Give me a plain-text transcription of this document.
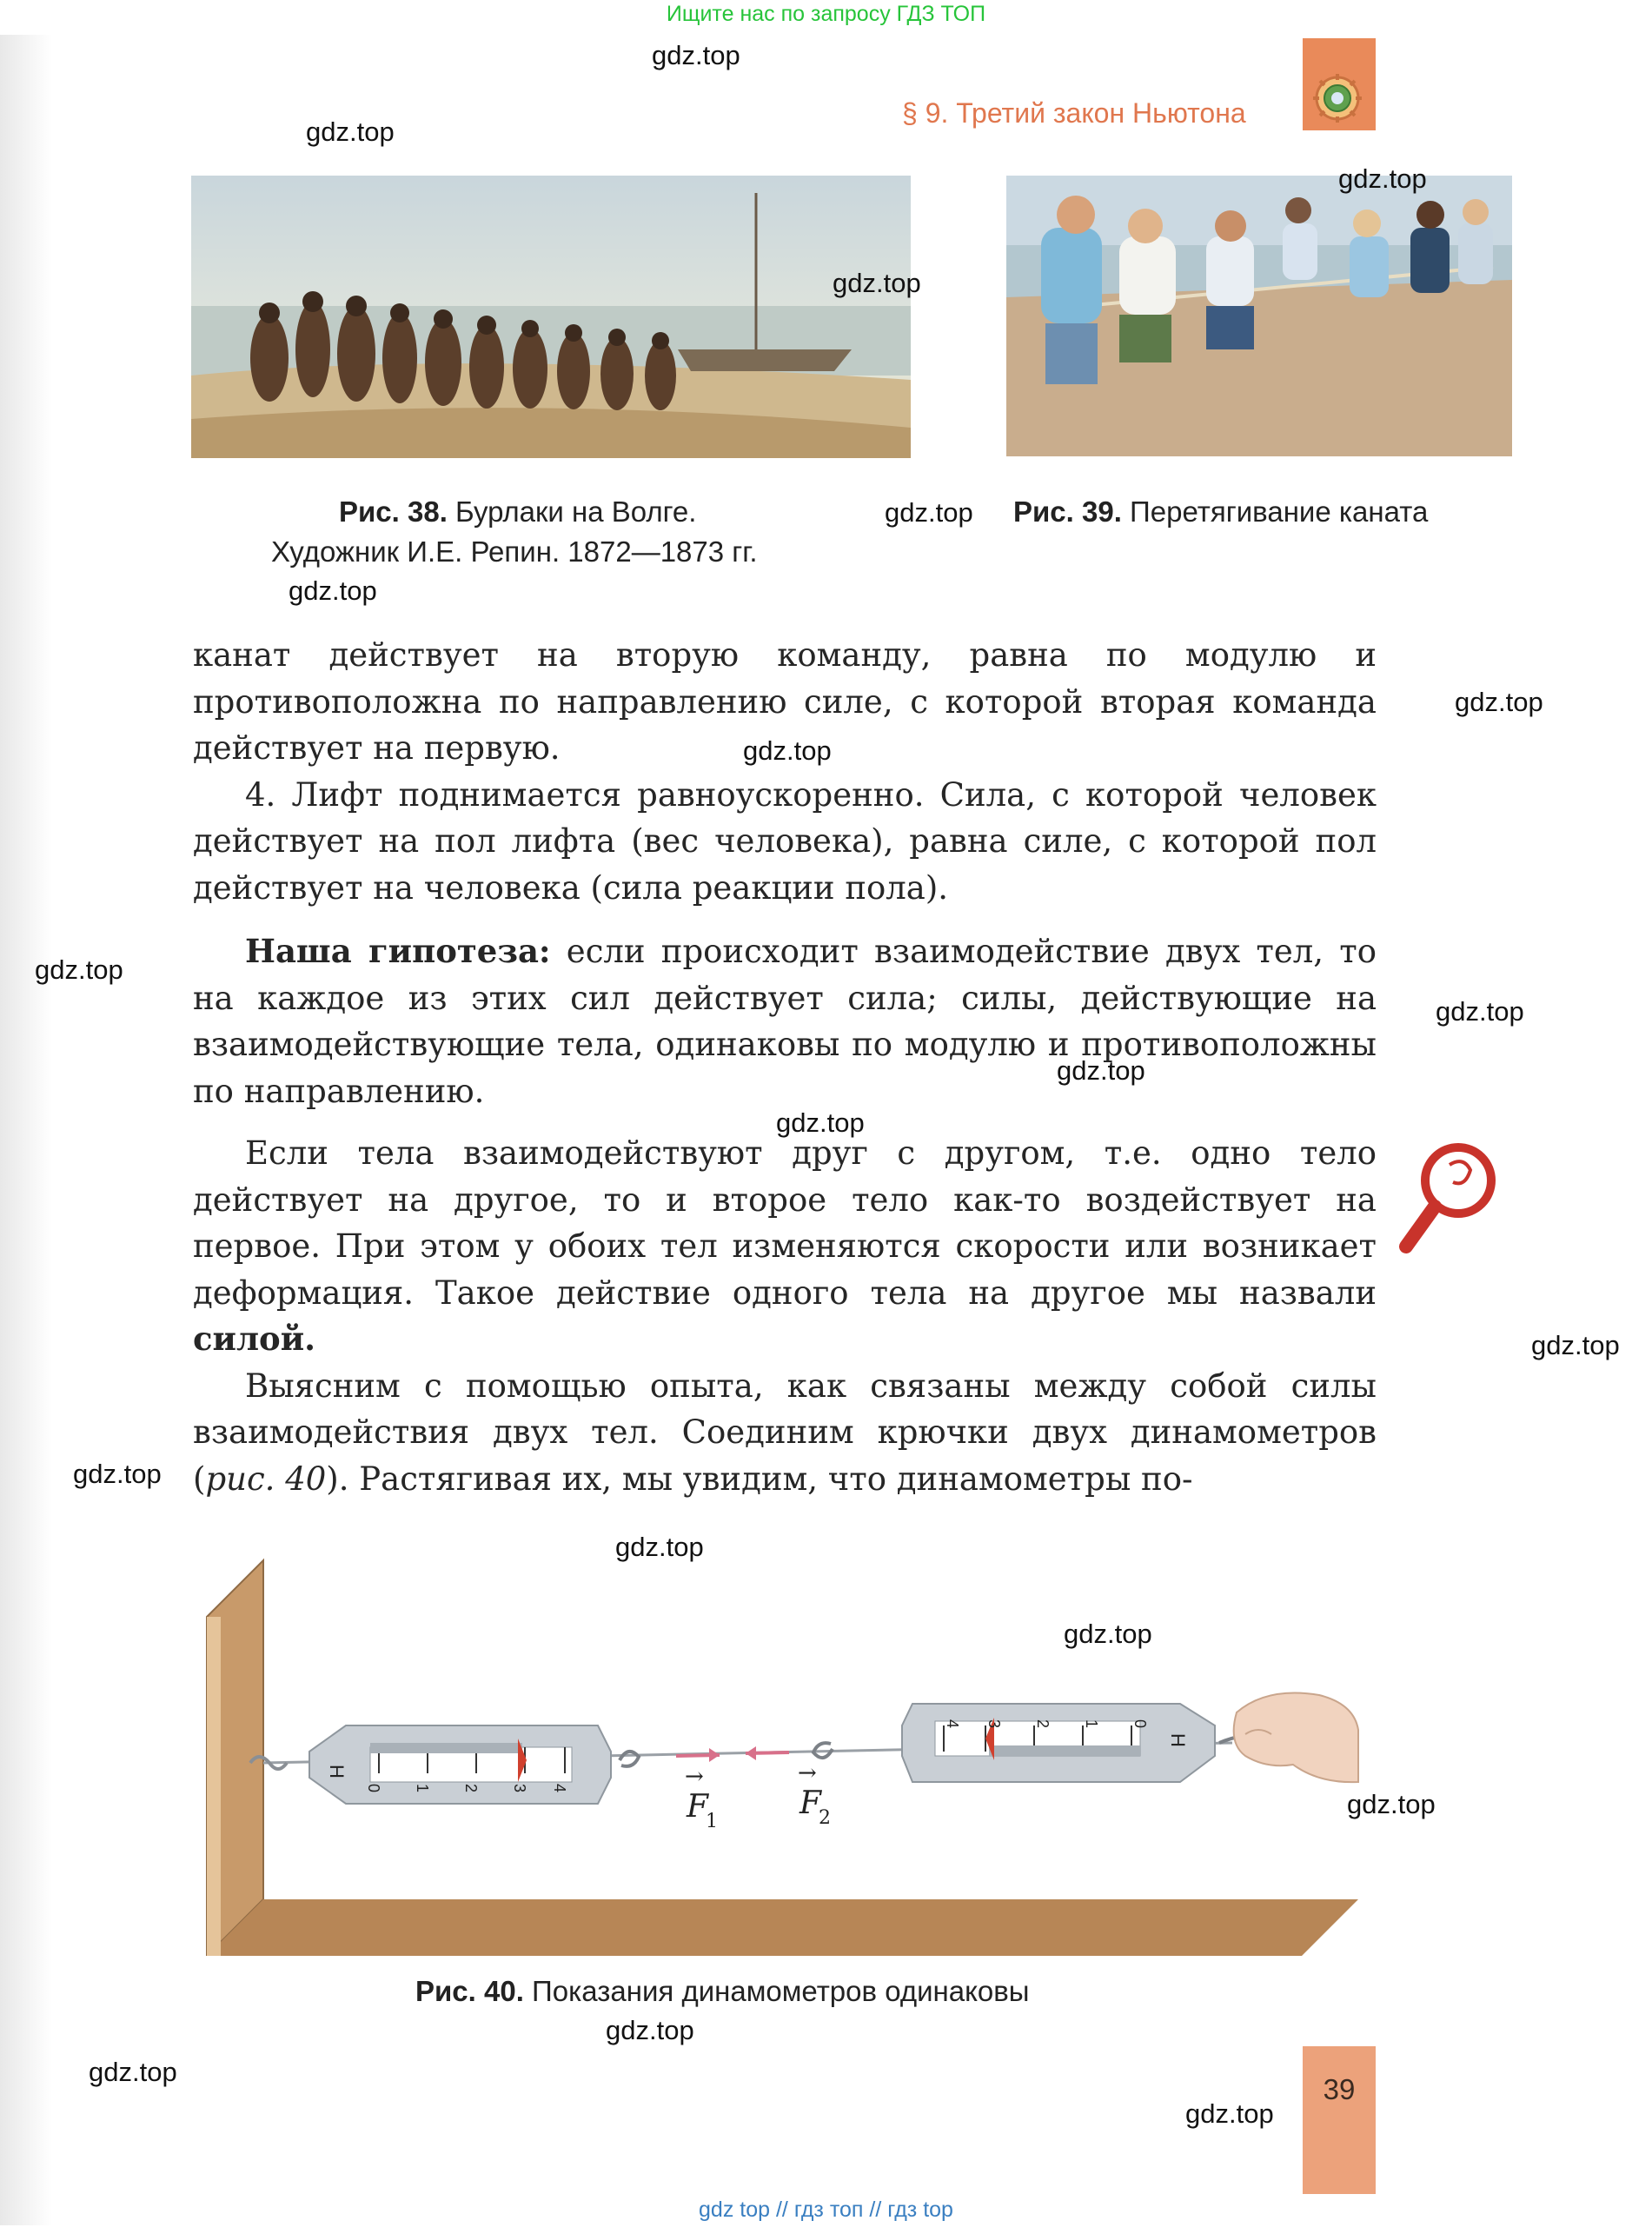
Ищите нас по запросу ГДЗ ТОП
§ 9. Третий закон Ньютона
Рис. 38. Бурлаки на Волге.
Художник И.Е. Репин. 1872—1873 гг.
Рис. 39. Перетягивание каната

канат действует на вторую команду, равна по модулю и противоположна по направлению силе, с которой вторая команда действует на первую.

4. Лифт поднимается равноускоренно. Сила, с которой человек действует на пол лифта (вес человека), равна силе, с которой пол действует на человека (сила реакции пола).

Наша гипотеза: если происходит взаимодействие двух тел, то на каждое из этих сил действует сила; силы, действующие на взаимодействующие тела, одинаковы по модулю и противоположны по направлению.

Если тела взаимодействуют друг с другом, т.е. одно тело действует на другое, то и второе тело как-то воздействует на первое. При этом у обоих тел изменяются скорости или возникает деформация. Такое действие одного тела на другое мы назвали силой.

Выясним с помощью опыта, как связаны между собой силы взаимодействия двух тел. Соединим крючки двух динамометров (рис. 40). Растягивая их, мы увидим, что динамометры по-

Н
0 1 2 3 4
F
1
→
F
2
→
Н
0
1
2
3
4
Рис. 40. Показания динамометров одинаковы
gdz.top
gdz.top
gdz.top
gdz.top
gdz.top
gdz.top
gdz.top
gdz.top
gdz.top
gdz.top
gdz.top
gdz.top
gdz.top
gdz.top
gdz.top
gdz.top
gdz.top
gdz.top
gdz.top
gdz.top
39
gdz top // гдз топ // гдз top
